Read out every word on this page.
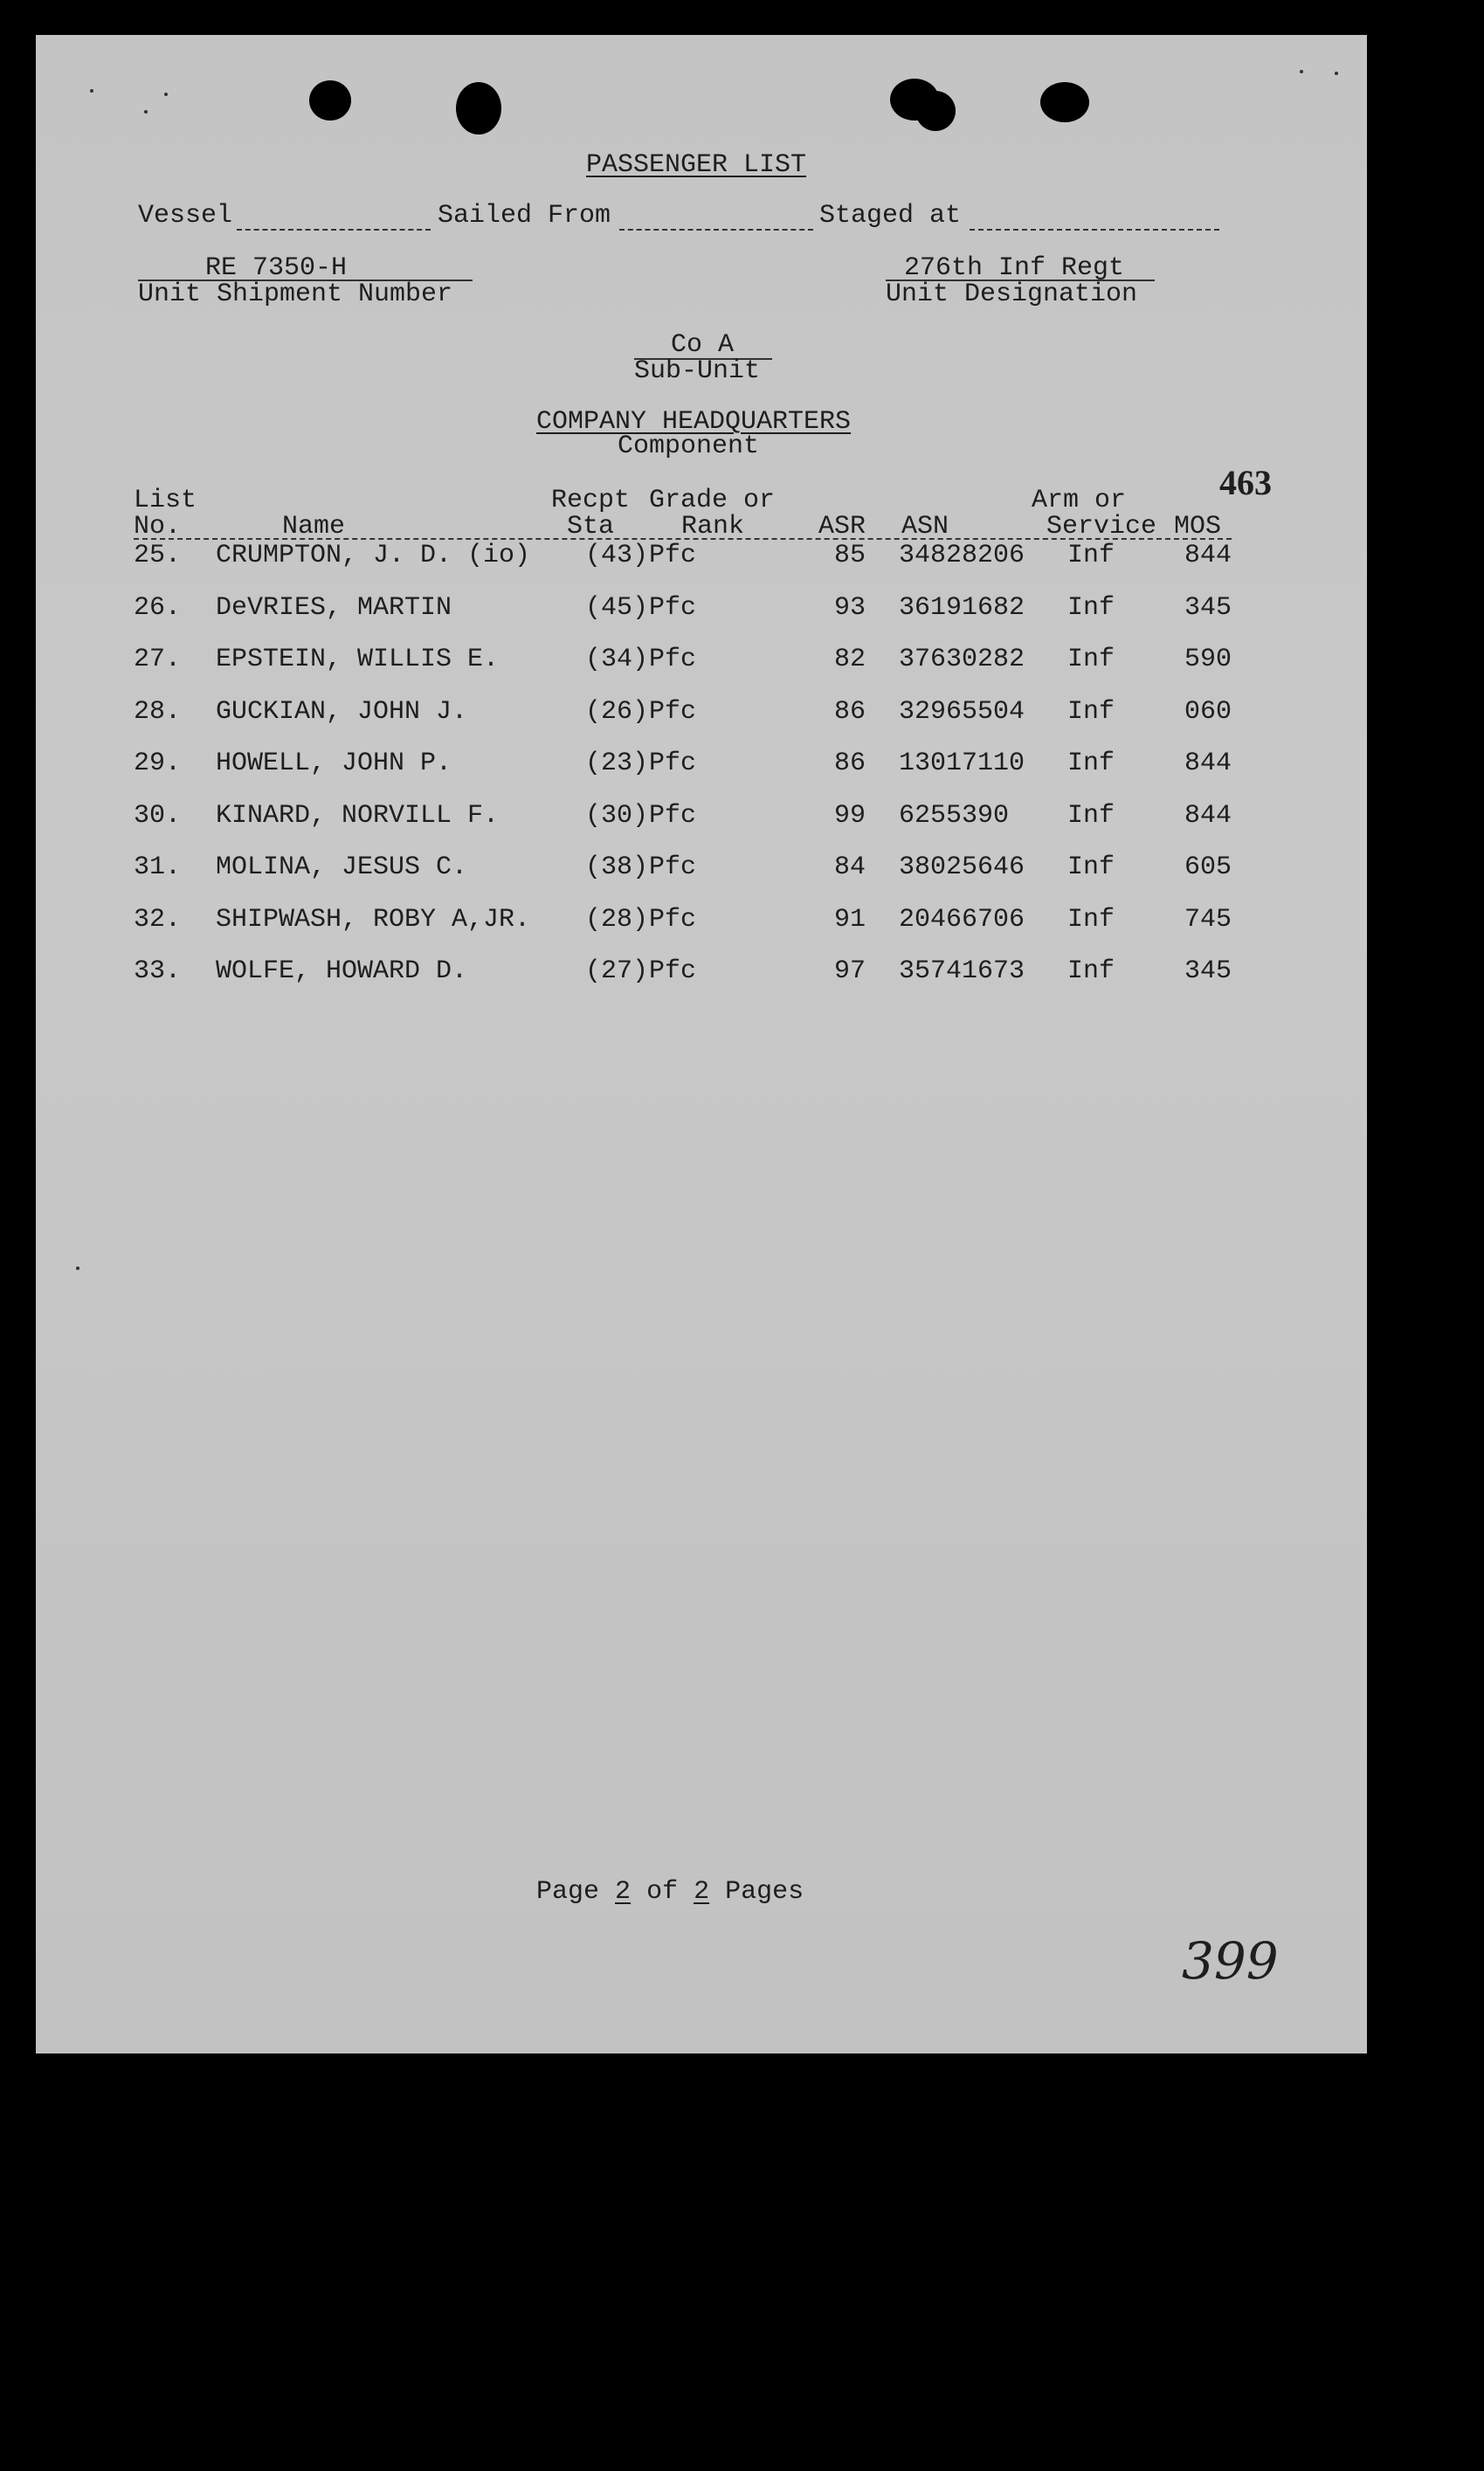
PASSENGER LIST
Vessel	Sailed From	Staged at
RE 7350-H
Unit Shipment Number
276th Inf Regt
Unit Designation
Co A
Sub-Unit
COMPANY HEADQUARTERS
Component
463
List
No.	Name
Recpt
Sta
Grade or
Rank	ASR ASN
Arm or
Service MOS
25. CRUMPTON, J. D. (io) (43) Pfc	85 34828206 Inf	844
26. DeVRIES, MARTIN	(45) Pfc	93 36191682 Inf	345
27. EPSTEIN, WILLIS E.	(34) Pfc	82 37630282 Inf	590
28. GUCKIAN, JOHN J.	(26) Pfc	86 32965504 Inf	060
29. HOWELL, JOHN P.	(23) Pfc	86 13017110 Inf	844
30. KINARD, NORVILL F.	(30) Pfc	99 6255390 Inf	844
31. MOLINA, JESUS C.	(38) Pfc	84 38025646 Inf	605
32. SHIPWASH, ROBY A,JR. (28) Pfc	91 20466706 Inf	745
33. WOLFE, HOWARD D.	(27) Pfc	97 35741673 Inf	345
Page 2 of 2 Pages
399
